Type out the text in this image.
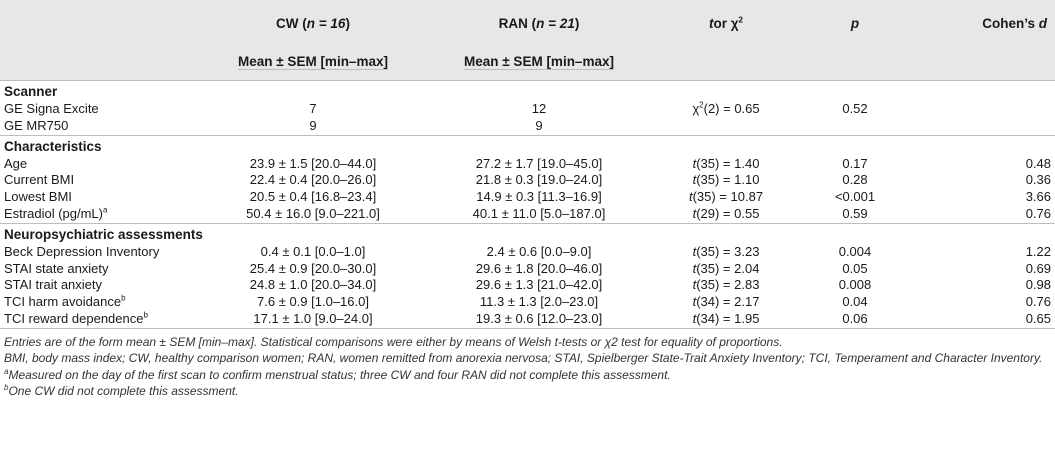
	CW (n = 16)	RAN (n = 21)	tor $\chi^2$	p	Cohen’s d
	Mean ± SEM [min–max]	Mean ± SEM [min–max]			
Scanner					
GE Signa Excite	7	12	$\chi^2(2) = 0.65$	0.52	
GE MR750	9	9			
Characteristics					
Age	23.9 ± 1.5 [20.0–44.0]	27.2 ± 1.7 [19.0–45.0]	t(35) = 1.40	0.17	0.48
Current BMI	22.4 ± 0.4 [20.0–26.0]	21.8 ± 0.3 [19.0–24.0]	t(35) = 1.10	0.28	0.36
Lowest BMI	20.5 ± 0.4 [16.8–23.4]	14.9 ± 0.3 [11.3–16.9]	t(35) = 10.87	<0.001	3.66
Estradiol $(pg/mL)^a$	50.4 ± 16.0 [9.0–221.0]	40.1 ± 11.0 [5.0–187.0]	t(29) = 0.55	0.59	0.76
Neuropsychiatric assessments					
Beck Depression Inventory	0.4 ± 0.1 [0.0–1.0]	2.4 ± 0.6 [0.0–9.0]	t(35) = 3.23	0.004	1.22
STAI state anxiety	25.4 ± 0.9 [20.0–30.0]	29.6 ± 1.8 [20.0–46.0]	t(35) = 2.04	0.05	0.69
STAI trait anxiety	24.8 ± 1.0 [20.0–34.0]	29.6 ± 1.3 [21.0–42.0]	t(35) = 2.83	0.008	0.98
TCI harm avoidance$^b$	7.6 ± 0.9 [1.0–16.0]	11.3 ± 1.3 [2.0–23.0]	t(34) = 2.17	0.04	0.76
TCI reward dependence$^b$	17.1 ± 1.0 [9.0–24.0]	19.3 ± 0.6 [12.0–23.0]	t(34) = 1.95	0.06	0.65

Entries are of the form mean ± SEM [min–max]. Statistical comparisons were either by means of Welsh t-tests or χ2 test for equality of proportions.

BMI, body mass index; CW, healthy comparison women; RAN, women remitted from anorexia nervosa; STAI, Spielberger State-Trait Anxiety Inventory; TCI, Temperament and Character Inventory.

$^a$Measured on the day of the first scan to confirm menstrual status; three CW and four RAN did not complete this assessment.

$^b$One CW did not complete this assessment.
